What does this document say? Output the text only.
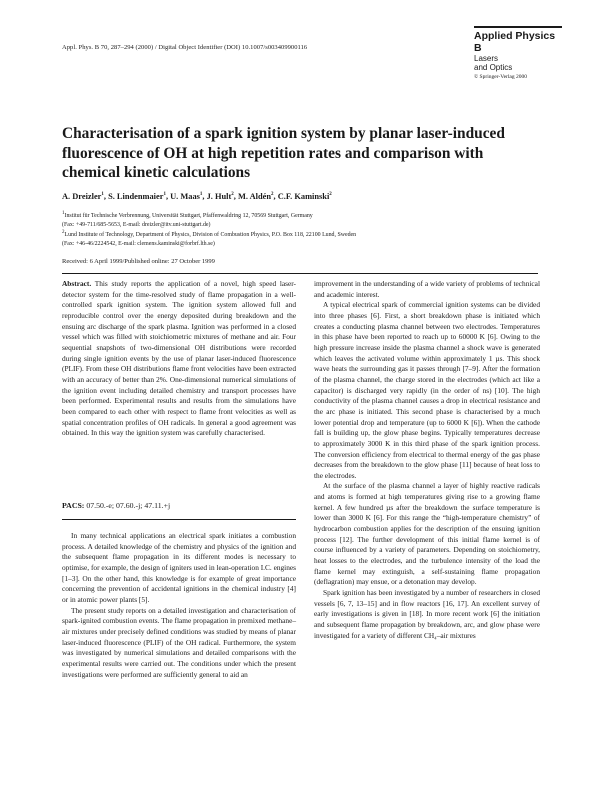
Appl. Phys. B 70, 287–294 (2000) / Digital Object Identifier (DOI) 10.1007/s003409900116
Applied Physics B
Lasers
and Optics
© Springer-Verlag 2000
Characterisation of a spark ignition system by planar laser-induced fluorescence of OH at high repetition rates and comparison with chemical kinetic calculations
A. Dreizler$^1$, S. Lindenmaier$^1$, U. Maas$^1$, J. Hult$^2$, M. Aldén$^2$, C.F. Kaminski$^2$
$^1$Institut für Technische Verbrennung, Universität Stuttgart, Pfaffenwaldring 12, 70569 Stuttgart, Germany
(Fax: +49-711/685-5653, E-mail: dreizler@itv.uni-stuttgart.de)
$^2$Lund Institute of Technology, Department of Physics, Division of Combustion Physics, P.O. Box 118, 22100 Lund, Sweden
(Fax: +46-46/2224542, E-mail: clemens.kaminski@forbrf.lth.se)
Received: 6 April 1999/Published online: 27 October 1999

Abstract. This study reports the application of a novel, high speed laser-detector system for the time-resolved study of flame propagation in a well-controlled spark ignition system. The ignition system allowed full and reproducible control over the energy deposited during breakdown and the ensuing arc discharge of the spark plasma. Ignition was performed in a closed vessel which was filled with stoichiometric mixtures of methane and air. Four sequential snapshots of two-dimensional OH distributions were recorded during single ignition events by the use of planar laser-induced fluorescence (PLIF). From these OH distributions flame front velocities have been extracted with an accuracy of better than 2%. One-dimensional numerical simulations of the ignition event including detailed chemistry and transport processes have been performed. Experimental results and results from the simulations have been compared to each other with respect to flame front velocities as well as spatial concentration profiles of OH radicals. In general a good agreement was obtained. In this way the ignition system was carefully characterised.

PACS: 07.50.-e; 07.60.-j; 47.11.+j

In many technical applications an electrical spark initiates a combustion process. A detailed knowledge of the chemistry and physics of the ignition and the subsequent flame propagation in its different modes is necessary to optimise, for example, the design of igniters used in lean-operation I.C. engines [1–3]. On the other hand, this knowledge is for example of great importance concerning the prevention of accidental ignitions in the chemical industry [4] or in atomic power plants [5].

The present study reports on a detailed investigation and characterisation of spark-ignited combustion events. The flame propagation in premixed methane–air mixtures under precisely defined conditions was studied by means of planar laser-induced fluorescence (PLIF) of the OH radical. Furthermore, the system was investigated by numerical simulations and detailed comparisons with the experimental results were carried out. The conditions under which the present investigations were performed are sufficiently general to aid an

improvement in the understanding of a wide variety of problems of technical and academic interest.

A typical electrical spark of commercial ignition systems can be divided into three phases [6]. First, a short breakdown phase is initiated which creates a conducting plasma channel between two electrodes. Temperatures in this phase have been reported to reach up to 60000 K [6]. Owing to the high pressure increase inside the plasma channel a shock wave is generated which leaves the activated volume within approximately 1 µs. This shock wave heats the surrounding gas it passes through [7–9]. After the formation of the plasma channel, the charge stored in the electrodes (which act like a capacitor) is discharged very rapidly (in the order of ns) [10]. The high conductivity of the plasma channel causes a drop in electrical resistance and the arc phase is initiated. This second phase is characterised by a much lower potential drop and temperature (up to 6000 K [6]). When the cathode fall is building up, the glow phase begins. Typically temperatures decrease to approximately 3000 K in this third phase of the spark ignition process. The conversion efficiency from electrical to thermal energy of the gas phase decreases from the breakdown to the glow phase [11] because of heat loss to the electrodes.

At the surface of the plasma channel a layer of highly reactive radicals and atoms is formed at high temperatures giving rise to a growing flame kernel. A few hundred µs after the breakdown the surface temperature is lower than 3000 K [6]. For this range the “high-temperature chemistry” of hydrocarbon combustion applies for the description of the ensuing ignition process [12]. The further development of this initial flame kernel is of course influenced by a variety of parameters. Depending on stoichiometry, heat losses to the electrodes, and the turbulence intensity of the load the flame kernel may extinguish, a self-sustaining flame propagation (deflagration) may ensue, or a detonation may develop.

Spark ignition has been investigated by a number of researchers in closed vessels [6, 7, 13–15] and in flow reactors [16, 17]. An excellent survey of early investigations is given in [18]. In more recent work [6] the initiation and subsequent flame propagation by breakdown, arc, and glow phase were investigated for a variety of different CH₄–air mixtures
